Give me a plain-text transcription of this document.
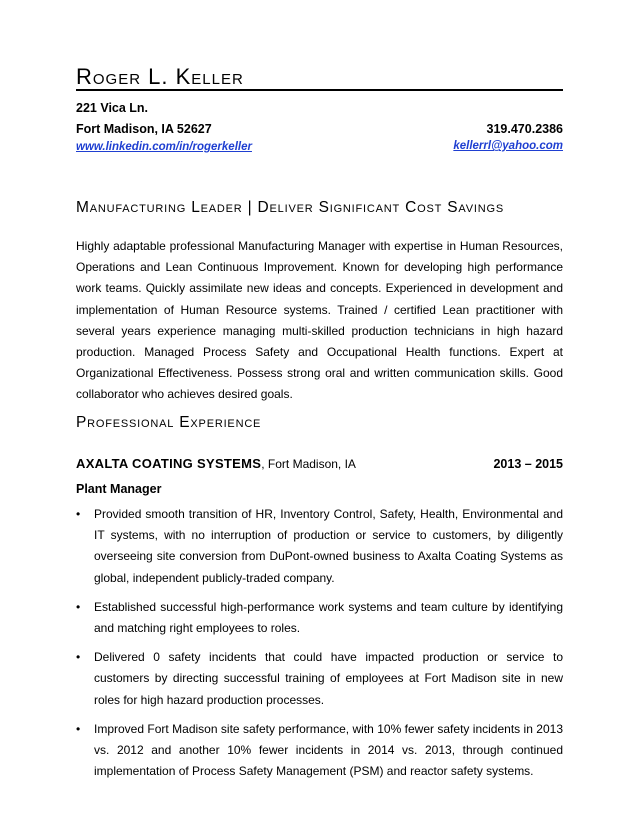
Roger L. Keller
221 Vica Ln.
Fort Madison, IA 52627	319.470.2386
www.linkedin.com/in/rogerkeller	kellerrl@yahoo.com
Manufacturing Leader | Deliver Significant Cost Savings
Highly adaptable professional Manufacturing Manager with expertise in Human Resources, Operations and Lean Continuous Improvement. Known for developing high performance work teams. Quickly assimilate new ideas and concepts. Experienced in development and implementation of Human Resource systems. Trained / certified Lean practitioner with several years experience managing multi-skilled production technicians in high hazard production. Managed Process Safety and Occupational Health functions. Expert at Organizational Effectiveness. Possess strong oral and written communication skills. Good collaborator who achieves desired goals.
Professional Experience
AXALTA COATING SYSTEMS, Fort Madison, IA	2013 – 2015
Plant Manager
• Provided smooth transition of HR, Inventory Control, Safety, Health, Environmental and IT systems, with no interruption of production or service to customers, by diligently overseeing site conversion from DuPont-owned business to Axalta Coating Systems as global, independent publicly-traded company.
• Established successful high-performance work systems and team culture by identifying and matching right employees to roles.
• Delivered 0 safety incidents that could have impacted production or service to customers by directing successful training of employees at Fort Madison site in new roles for high hazard production processes.
• Improved Fort Madison site safety performance, with 10% fewer safety incidents in 2013 vs. 2012 and another 10% fewer incidents in 2014 vs. 2013, through continued implementation of Process Safety Management (PSM) and reactor safety systems.
